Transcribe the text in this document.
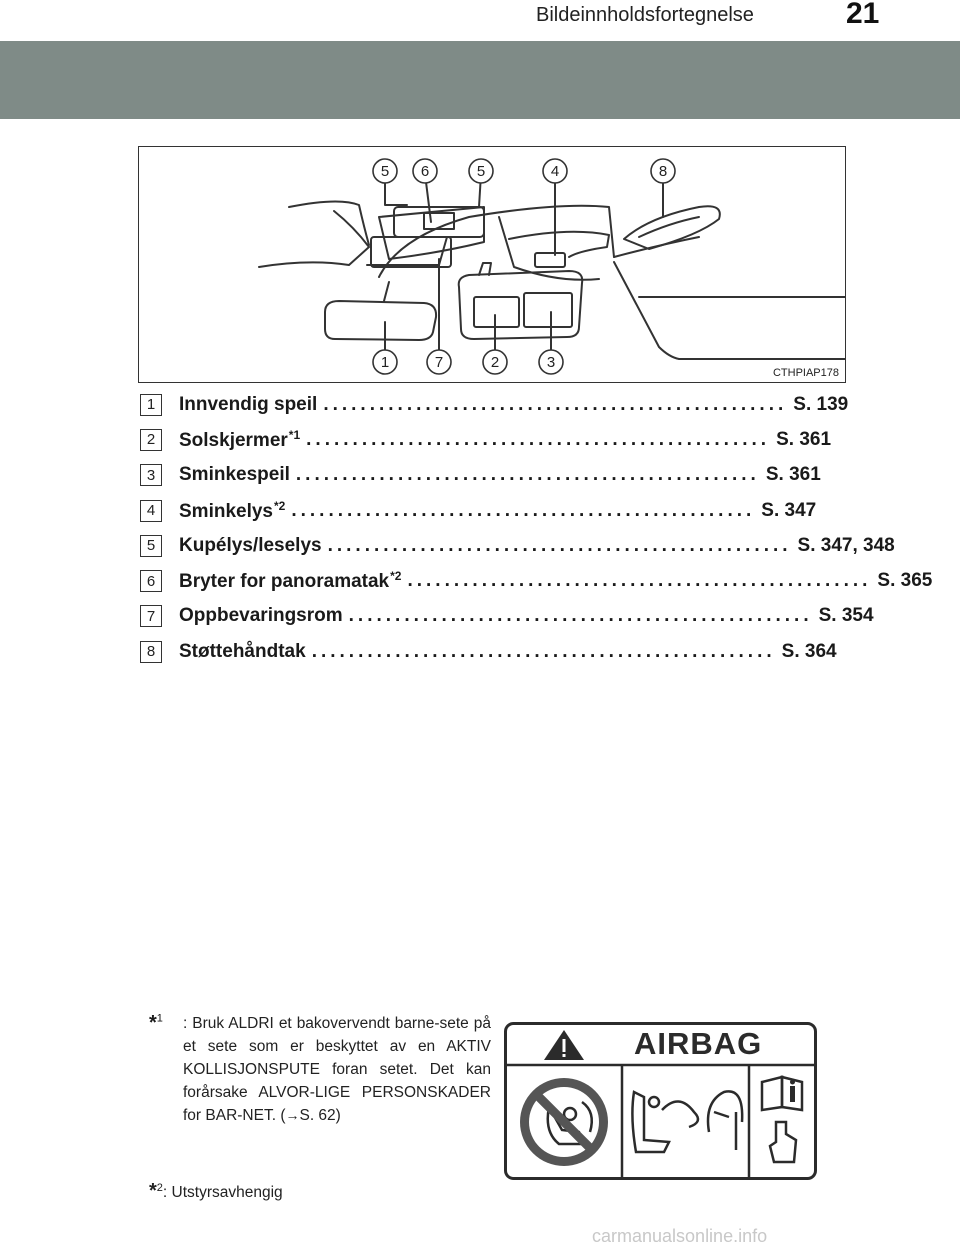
Bildeinnholdsfortegnelse	21
5 6	5	4	8
1	7	2	3
CTHPIAP178
1	Innvendig speil .................................................. S. 139
2	Solskjermer$^{*1}$ .................................................. S. 361
3	Sminkespeil .................................................. S. 361
4	Sminkelys$^{*2}$ .................................................. S. 347
5	Kupélys/leselys .................................................. S. 347, 348
6	Bryter for panoramatak$^{*2}$ .................................................. S. 365
7	Oppbevaringsrom .................................................. S. 354
8	Støttehåndtak .................................................. S. 364
*$^1$ : Bruk ALDRI et bakovervendt barne-sete på et sete som er beskyttet av en AKTIV KOLLISJONSPUTE foran setet. Det kan forårsake ALVOR-LIGE PERSONSKADER for BAR-NET. (→S. 62)
*$^2$: Utstyrsavhengig
AIRBAG
carmanualsonline.info
